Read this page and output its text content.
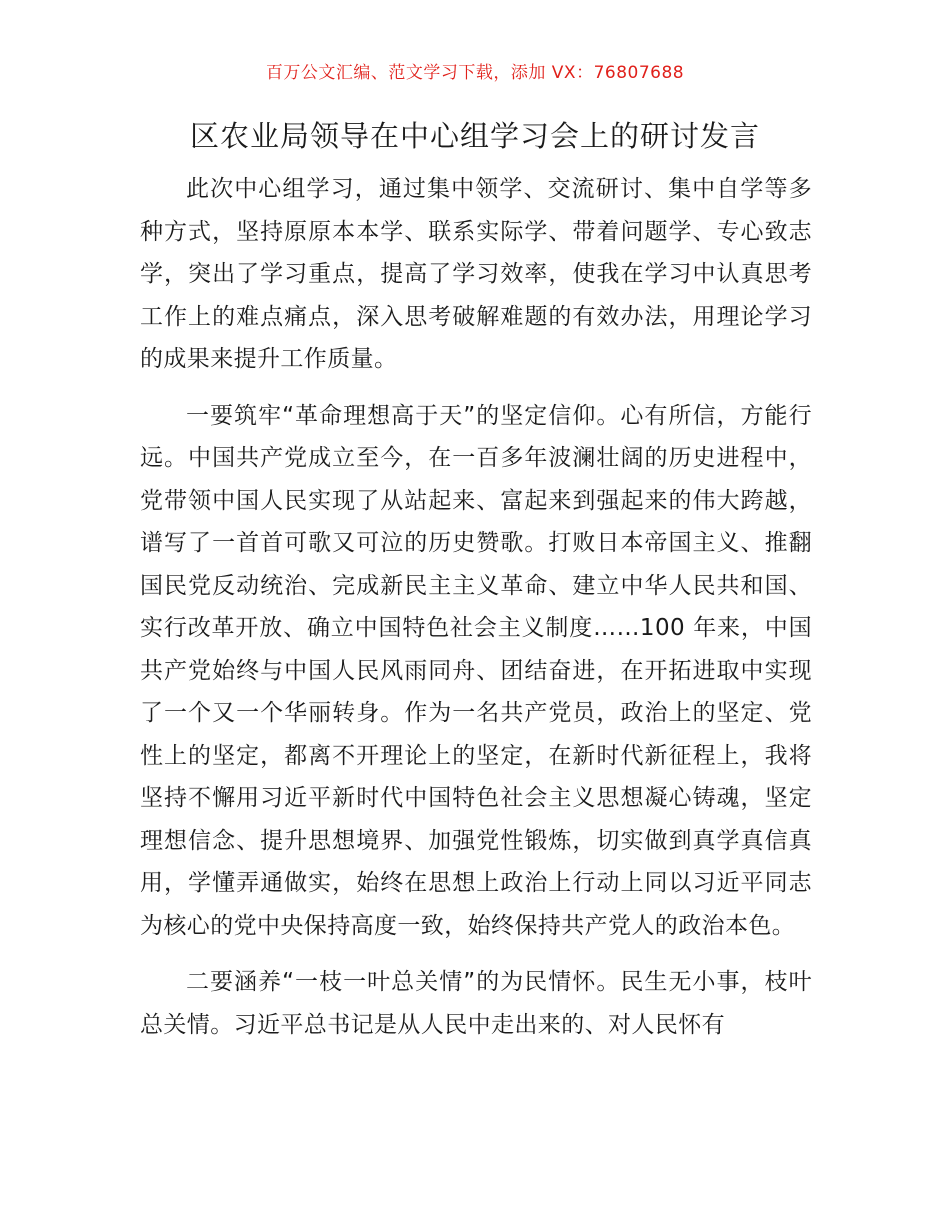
百万公文汇编、范文学习下载，添加 VX：76807688
区农业局领导在中心组学习会上的研讨发言

此次中心组学习，通过集中领学、交流研讨、集中自学等多种方式，坚持原原本本学、联系实际学、带着问题学、专心致志学，突出了学习重点，提高了学习效率，使我在学习中认真思考工作上的难点痛点，深入思考破解难题的有效办法，用理论学习的成果来提升工作质量。

一要筑牢“革命理想高于天”的坚定信仰。心有所信，方能行远。中国共产党成立至今，在一百多年波澜壮阔的历史进程中，党带领中国人民实现了从站起来、富起来到强起来的伟大跨越，谱写了一首首可歌又可泣的历史赞歌。打败日本帝国主义、推翻国民党反动统治、完成新民主主义革命、建立中华人民共和国、实行改革开放、确立中国特色社会主义制度……100 年来，中国共产党始终与中国人民风雨同舟、团结奋进，在开拓进取中实现了一个又一个华丽转身。作为一名共产党员，政治上的坚定、党性上的坚定，都离不开理论上的坚定，在新时代新征程上，我将坚持不懈用习近平新时代中国特色社会主义思想凝心铸魂，坚定理想信念、提升思想境界、加强党性锻炼，切实做到真学真信真用，学懂弄通做实，始终在思想上政治上行动上同以习近平同志为核心的党中央保持高度一致，始终保持共产党人的政治本色。

二要涵养“一枝一叶总关情”的为民情怀。民生无小事，枝叶总关情。习近平总书记是从人民中走出来的、对人民怀有
